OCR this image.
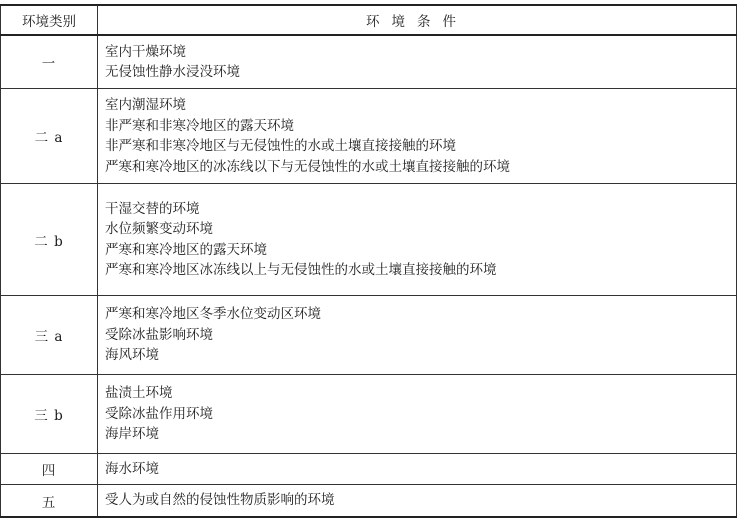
环境类别	环境条件
一	室内干燥环境
无侵蚀性静水浸没环境

二 a	室内潮湿环境
非严寒和非寒冷地区的露天环境
非严寒和非寒冷地区与无侵蚀性的水或土壤直接接触的环境
严寒和寒冷地区的冰冻线以下与无侵蚀性的水或土壤直接接触的环境

二 b	干湿交替的环境
水位频繁变动环境
严寒和寒冷地区的露天环境
严寒和寒冷地区冰冻线以上与无侵蚀性的水或土壤直接接触的环境

三 a	严寒和寒冷地区冬季水位变动区环境
受除冰盐影响环境
海风环境

三 b	盐渍土环境
受除冰盐作用环境
海岸环境

四	海水环境

五	受人为或自然的侵蚀性物质影响的环境
